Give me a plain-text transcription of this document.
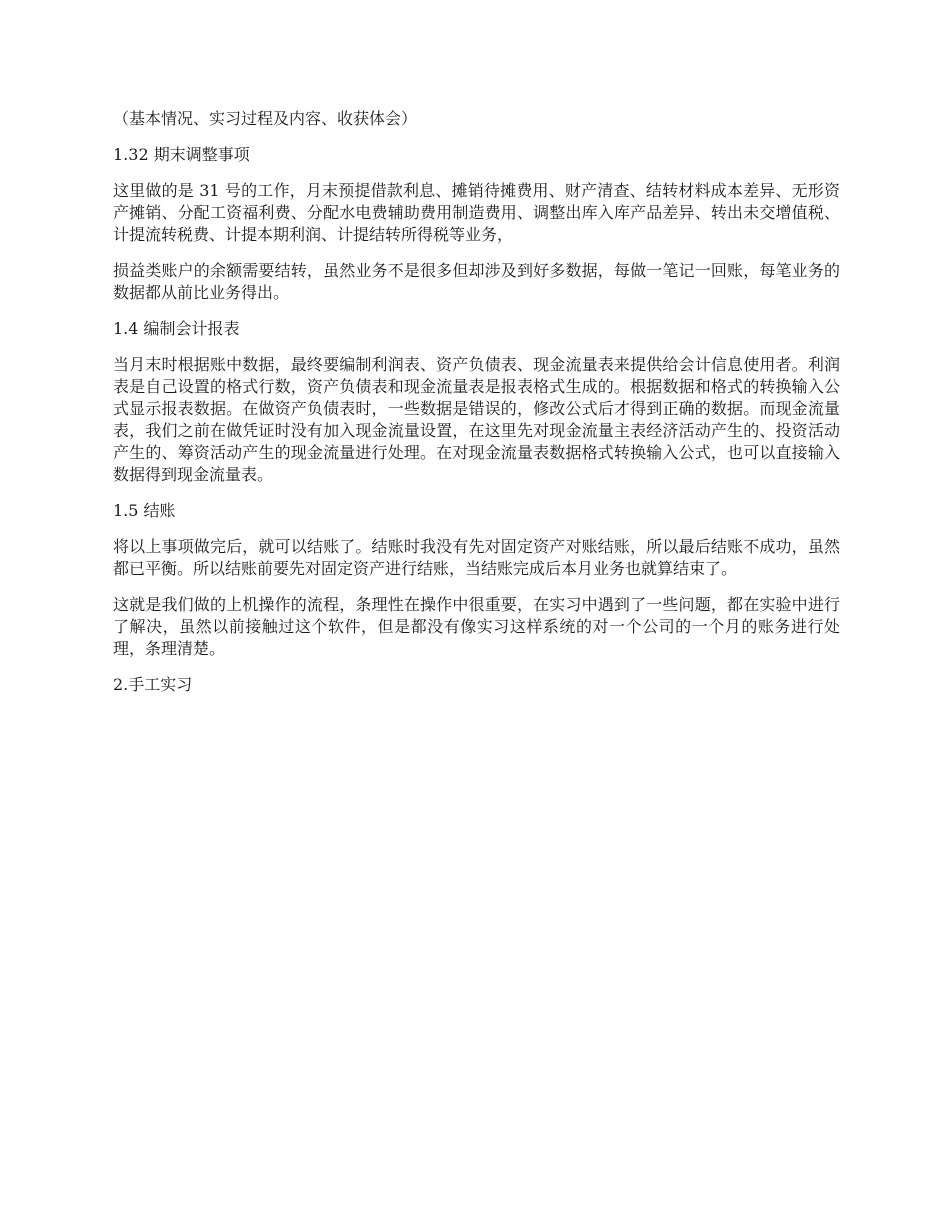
（基本情况、实习过程及内容、收获体会）

1.32 期末调整事项

这里做的是 31 号的工作，月末预提借款利息、摊销待摊费用、财产清查、结转材料成本差异、无形资产摊销、分配工资福利费、分配水电费辅助费用制造费用、调整出库入库产品差异、转出未交增值税、计提流转税费、计提本期利润、计提结转所得税等业务，

损益类账户的余额需要结转，虽然业务不是很多但却涉及到好多数据，每做一笔记一回账，每笔业务的数据都从前比业务得出。

1.4 编制会计报表

当月末时根据账中数据，最终要编制利润表、资产负债表、现金流量表来提供给会计信息使用者。利润表是自己设置的格式行数，资产负债表和现金流量表是报表格式生成的。根据数据和格式的转换输入公式显示报表数据。在做资产负债表时，一些数据是错误的，修改公式后才得到正确的数据。而现金流量表，我们之前在做凭证时没有加入现金流量设置，在这里先对现金流量主表经济活动产生的、投资活动产生的、筹资活动产生的现金流量进行处理。在对现金流量表数据格式转换输入公式，也可以直接输入数据得到现金流量表。

1.5 结账

将以上事项做完后，就可以结账了。结账时我没有先对固定资产对账结账，所以最后结账不成功，虽然都已平衡。所以结账前要先对固定资产进行结账，当结账完成后本月业务也就算结束了。

这就是我们做的上机操作的流程，条理性在操作中很重要，在实习中遇到了一些问题，都在实验中进行了解决，虽然以前接触过这个软件，但是都没有像实习这样系统的对一个公司的一个月的账务进行处理，条理清楚。

2.手工实习
